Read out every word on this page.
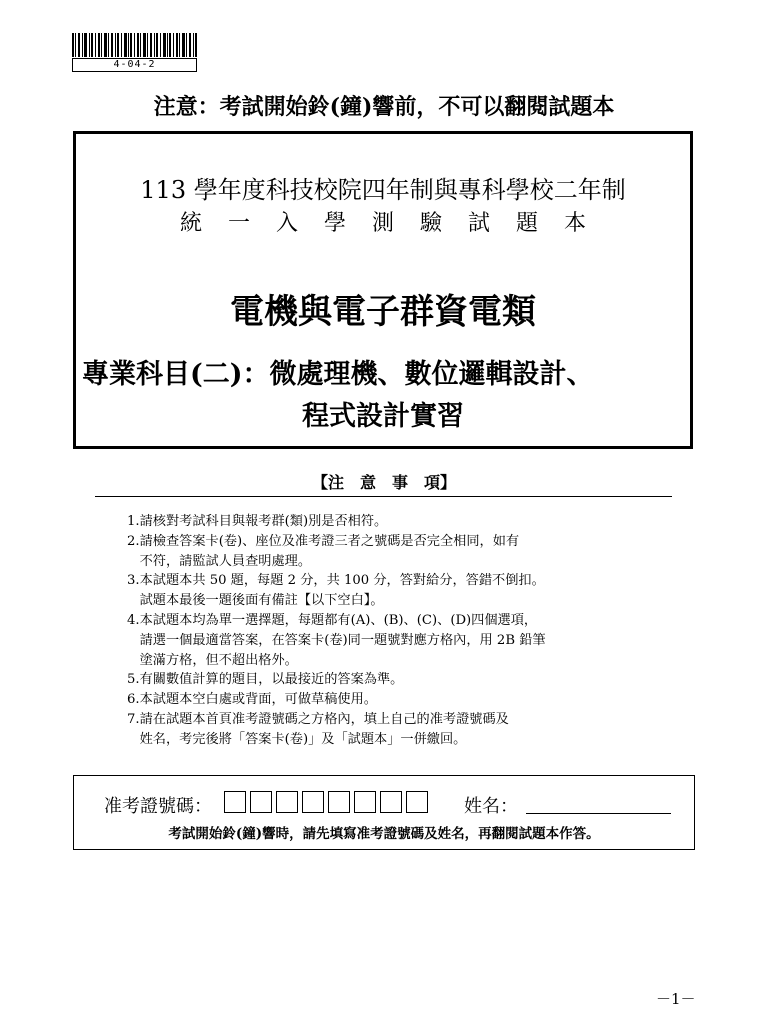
4-04-2
注意：考試開始鈴(鐘)響前，不可以翻閱試題本
113 學年度科技校院四年制與專科學校二年制
統一入學測驗試題本
電機與電子群資電類
專業科目(二)：微處理機、數位邏輯設計、
程式設計實習
【注　意　事　項】
1.請核對考試科目與報考群(類)別是否相符。
2.請檢查答案卡(卷)、座位及准考證三者之號碼是否完全相同，如有
不符，請監試人員查明處理。
3.本試題本共 50 題，每題 2 分，共 100 分，答對給分，答錯不倒扣。
試題本最後一題後面有備註【以下空白】。
4.本試題本均為單一選擇題，每題都有(A)、(B)、(C)、(D)四個選項，
請選一個最適當答案，在答案卡(卷)同一題號對應方格內，用 2B 鉛筆
塗滿方格，但不超出格外。
5.有關數值計算的題目，以最接近的答案為準。
6.本試題本空白處或背面，可做草稿使用。
7.請在試題本首頁准考證號碼之方格內，填上自己的准考證號碼及
姓名，考完後將「答案卡(卷)」及「試題本」一併繳回。
准考證號碼：	姓名：
考試開始鈴(鐘)響時，請先填寫准考證號碼及姓名，再翻閱試題本作答。
－1－
